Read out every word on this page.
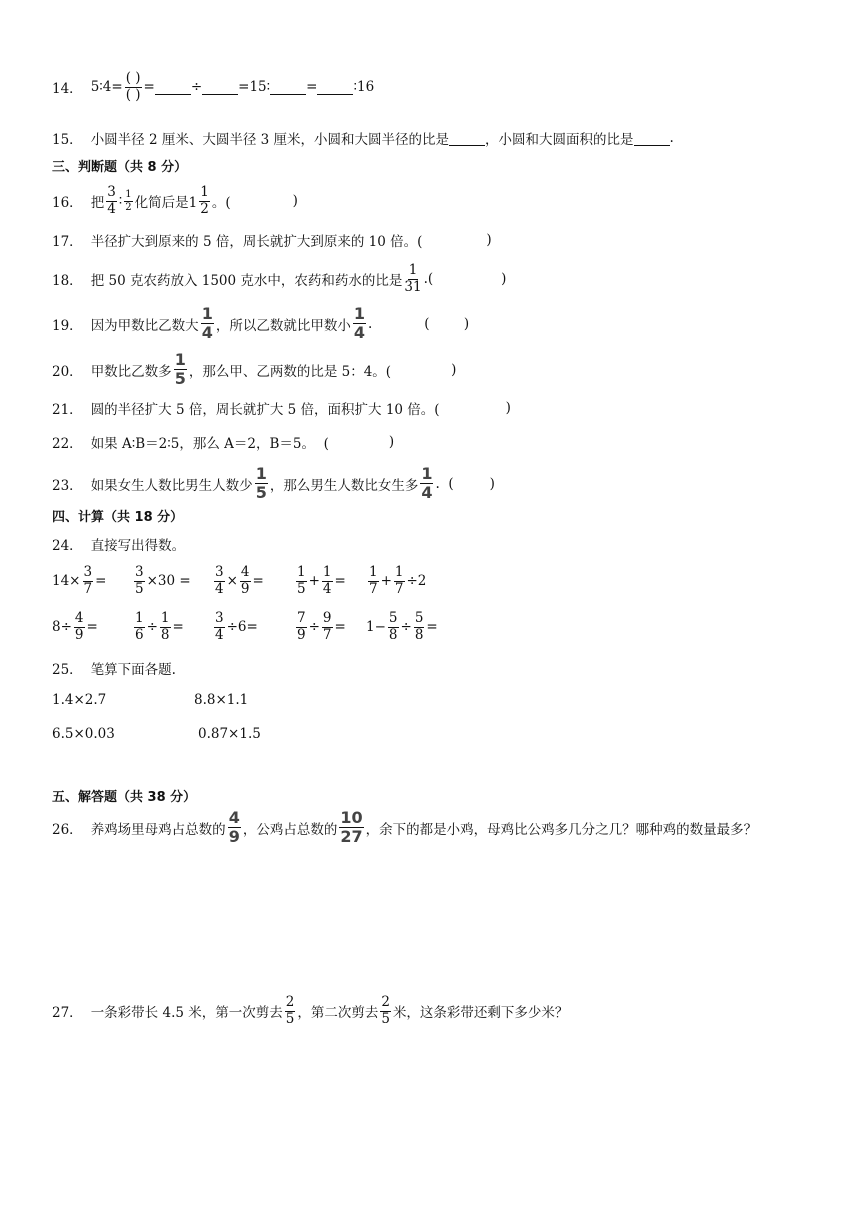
14． 5∶4= $\frac{( )}{( )}$ =	÷	=15∶	=	∶16
15． 小圆半径 2 厘米、大圆半径 3 厘米，小圆和大圆半径的比是	，小圆和大圆面积的比是	.
三、判断题（共 8 分）
16． 把 $\frac{3}{4}$ ∶ $\frac{1}{2}$ 化简后是$1 \frac{1}{2}$ 。(	)
17． 半径扩大到原来的 5 倍，周长就扩大到原来的 10 倍。(	)
18． 把 50 克农药放入 1500 克水中，农药和药水的比是 $\frac{1}{31}$ .(	)
19． 因为甲数比乙数大 $\frac{1}{4}$ ，所以乙数就比甲数小 $\frac{1}{4}$ .	(        )
20． 甲数比乙数多 $\frac{1}{5}$ ，那么甲、乙两数的比是 5：4。(	)
21． 圆的半径扩大 5 倍，周长就扩大 5 倍，面积扩大 10 倍。(	)
22． 如果 A∶B＝2∶5，那么 A＝2，B＝5。  (	)
23． 如果女生人数比男生人数少 $\frac{1}{5}$ ，那么男生人数比女生多 $\frac{1}{4}$ .  (	)
四、计算（共 18 分）
24． 直接写出得数。
$14\times \frac{3}{7} = \frac{3}{5} \times 30 = \frac{3}{4} \times \frac{4}{9} = \frac{1}{5} + \frac{1}{4} = \frac{1}{7} + \frac{1}{7} \div 2$
$8\div \frac{4}{9}$ =	$\frac{1}{6} \div \frac{1}{8} = \frac{3}{4} \div 6=$	$\frac{7}{9} \div \frac{9}{7} = 1- \frac{5}{8} \div \frac{5}{8}$ =
25． 笔算下面各题.
1.4×2.7	8.8×1.1
6.5×0.03	0.87×1.5
五、解答题（共 38 分）
26． 养鸡场里母鸡占总数的 $\frac{4}{9}$ ，公鸡占总数的 $\frac{10}{27}$ ，余下的都是小鸡，母鸡比公鸡多几分之几？哪种鸡的数量最多？
27． 一条彩带长 4.5 米，第一次剪去 $\frac{2}{5}$ ，第二次剪去 $\frac{2}{5}$ 米，这条彩带还剩下多少米？
